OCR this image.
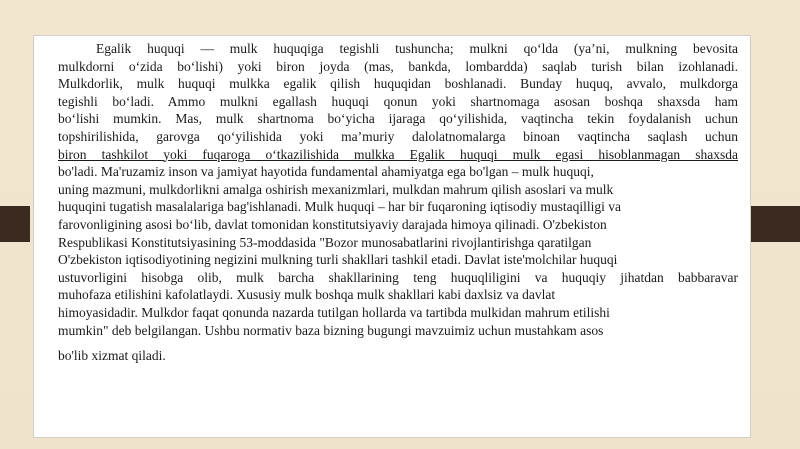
Egalik huquqi — mulk huquqiga tegishli tushuncha; mulkni qo‘lda (ya’ni, mulkning bevosita
mulkdorni o‘zida bo‘lishi) yoki biron joyda (mas, bankda, lombardda) saqlab turish bilan izohlanadi.
Mulkdorlik, mulk huquqi mulkka egalik qilish huquqidan boshlanadi. Bunday huquq, avvalo, mulkdorga
tegishli bo‘ladi. Ammo mulkni egallash huquqi qonun yoki shartnomaga asosan boshqa shaxsda ham
bo‘lishi mumkin. Mas, mulk shartnoma bo‘yicha ijaraga qo‘yilishida, vaqtincha tekin foydalanish uchun
topshirilishida, garovga qo‘yilishida yoki ma’muriy dalolatnomalarga binoan vaqtincha saqlash uchun
biron tashkilot yoki fuqaroga o‘tkazilishida mulkka Egalik huquqi mulk egasi hisoblanmagan shaxsda
bo'ladi. Ma'ruzamiz inson va jamiyat hayotida fundamental ahamiyatga ega bo'lgan – mulk huquqi,
uning mazmuni, mulkdorlikni amalga oshirish mexanizmlari, mulkdan mahrum qilish asoslari va mulk
huquqini tugatish masalalariga bag'ishlanadi. Mulk huquqi – har bir fuqaroning iqtisodiy mustaqilligi va
farovonligining asosi bo‘lib, davlat tomonidan konstitutsiyaviy darajada himoya qilinadi. O'zbekiston
Respublikasi Konstitutsiyasining 53-moddasida "Bozor munosabatlarini rivojlantirishga qaratilgan
O'zbekiston iqtisodiyotining negizini mulkning turli shakllari tashkil etadi. Davlat iste'molchilar huquqi
ustuvorligini hisobga olib, mulk barcha shakllarining teng huquqliligini va huquqiy jihatdan babbaravar
muhofaza etilishini kafolatlaydi. Xususiy mulk boshqa mulk shakllari kabi daxlsiz va davlat
himoyasidadir. Mulkdor faqat qonunda nazarda tutilgan hollarda va tartibda mulkidan mahrum etilishi
mumkin" deb belgilangan. Ushbu normativ baza bizning bugungi mavzuimiz uchun mustahkam asos
bo'lib xizmat qiladi.
